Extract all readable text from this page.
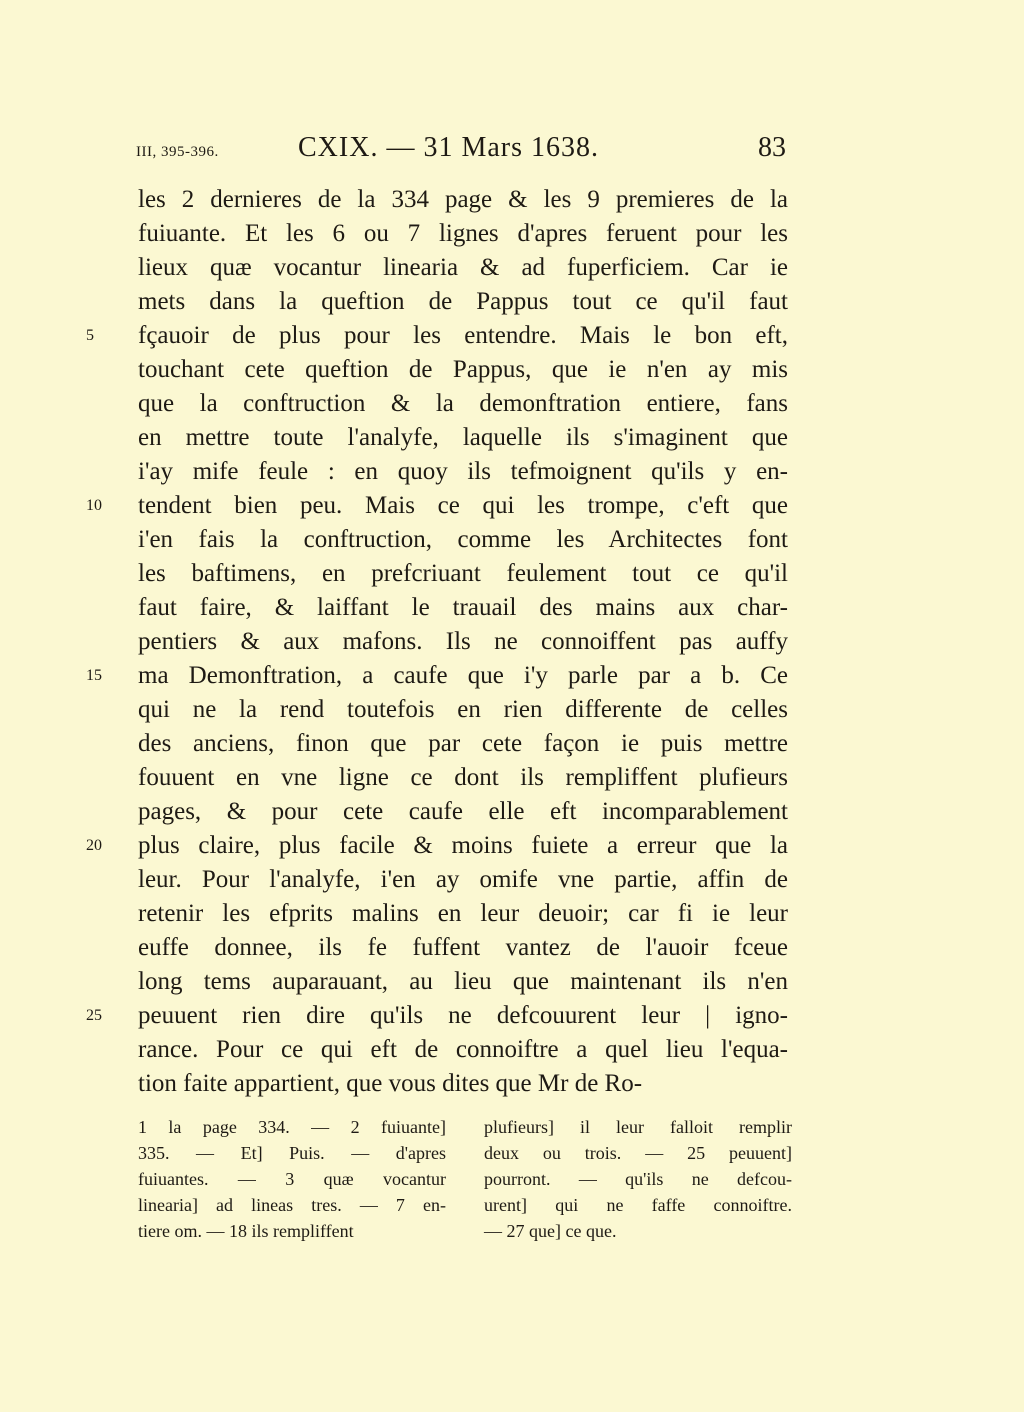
III, 395-396.	CXIX. — 31 Mars 1638.	83
les 2 dernieres de la 334 page & les 9 premieres de la
fuiuante. Et les 6 ou 7 lignes d'apres feruent pour les
lieux quæ vocantur linearia & ad fuperficiem. Car ie
mets dans la queftion de Pappus tout ce qu'il faut
5	fçauoir de plus pour les entendre. Mais le bon eft,
touchant cete queftion de Pappus, que ie n'en ay mis
que la conftruction & la demonftration entiere, fans
en mettre toute l'analyfe, laquelle ils s'imaginent que
i'ay mife feule : en quoy ils tefmoignent qu'ils y en-
10	tendent bien peu. Mais ce qui les trompe, c'eft que
i'en fais la conftruction, comme les Architectes font
les baftimens, en prefcriuant feulement tout ce qu'il
faut faire, & laiffant le trauail des mains aux char-
pentiers & aux mafons. Ils ne connoiffent pas auffy
15	ma Demonftration, a caufe que i'y parle par a b. Ce
qui ne la rend toutefois en rien differente de celles
des anciens, finon que par cete façon ie puis mettre
fouuent en vne ligne ce dont ils rempliffent plufieurs
pages, & pour cete caufe elle eft incomparablement
20	plus claire, plus facile & moins fuiete a erreur que la
leur. Pour l'analyfe, i'en ay omife vne partie, affin de
retenir les efprits malins en leur deuoir; car fi ie leur
euffe donnee, ils fe fuffent vantez de l'auoir fceue
long tems auparauant, au lieu que maintenant ils n'en
25	peuuent rien dire qu'ils ne defcouurent leur | igno-
rance. Pour ce qui eft de connoiftre a quel lieu l'equa-
tion faite appartient, que vous dites que Mr de Ro-
1 la page 334. — 2 fuiuante]
335. — Et] Puis. — d'apres
fuiuantes. — 3 quæ vocantur
linearia] ad lineas tres. — 7 en-
tiere om. — 18 ils rempliffent
plufieurs] il leur falloit remplir
deux ou trois. — 25 peuuent]
pourront. — qu'ils ne defcou-
urent] qui ne faffe connoiftre.
— 27 que] ce que.
